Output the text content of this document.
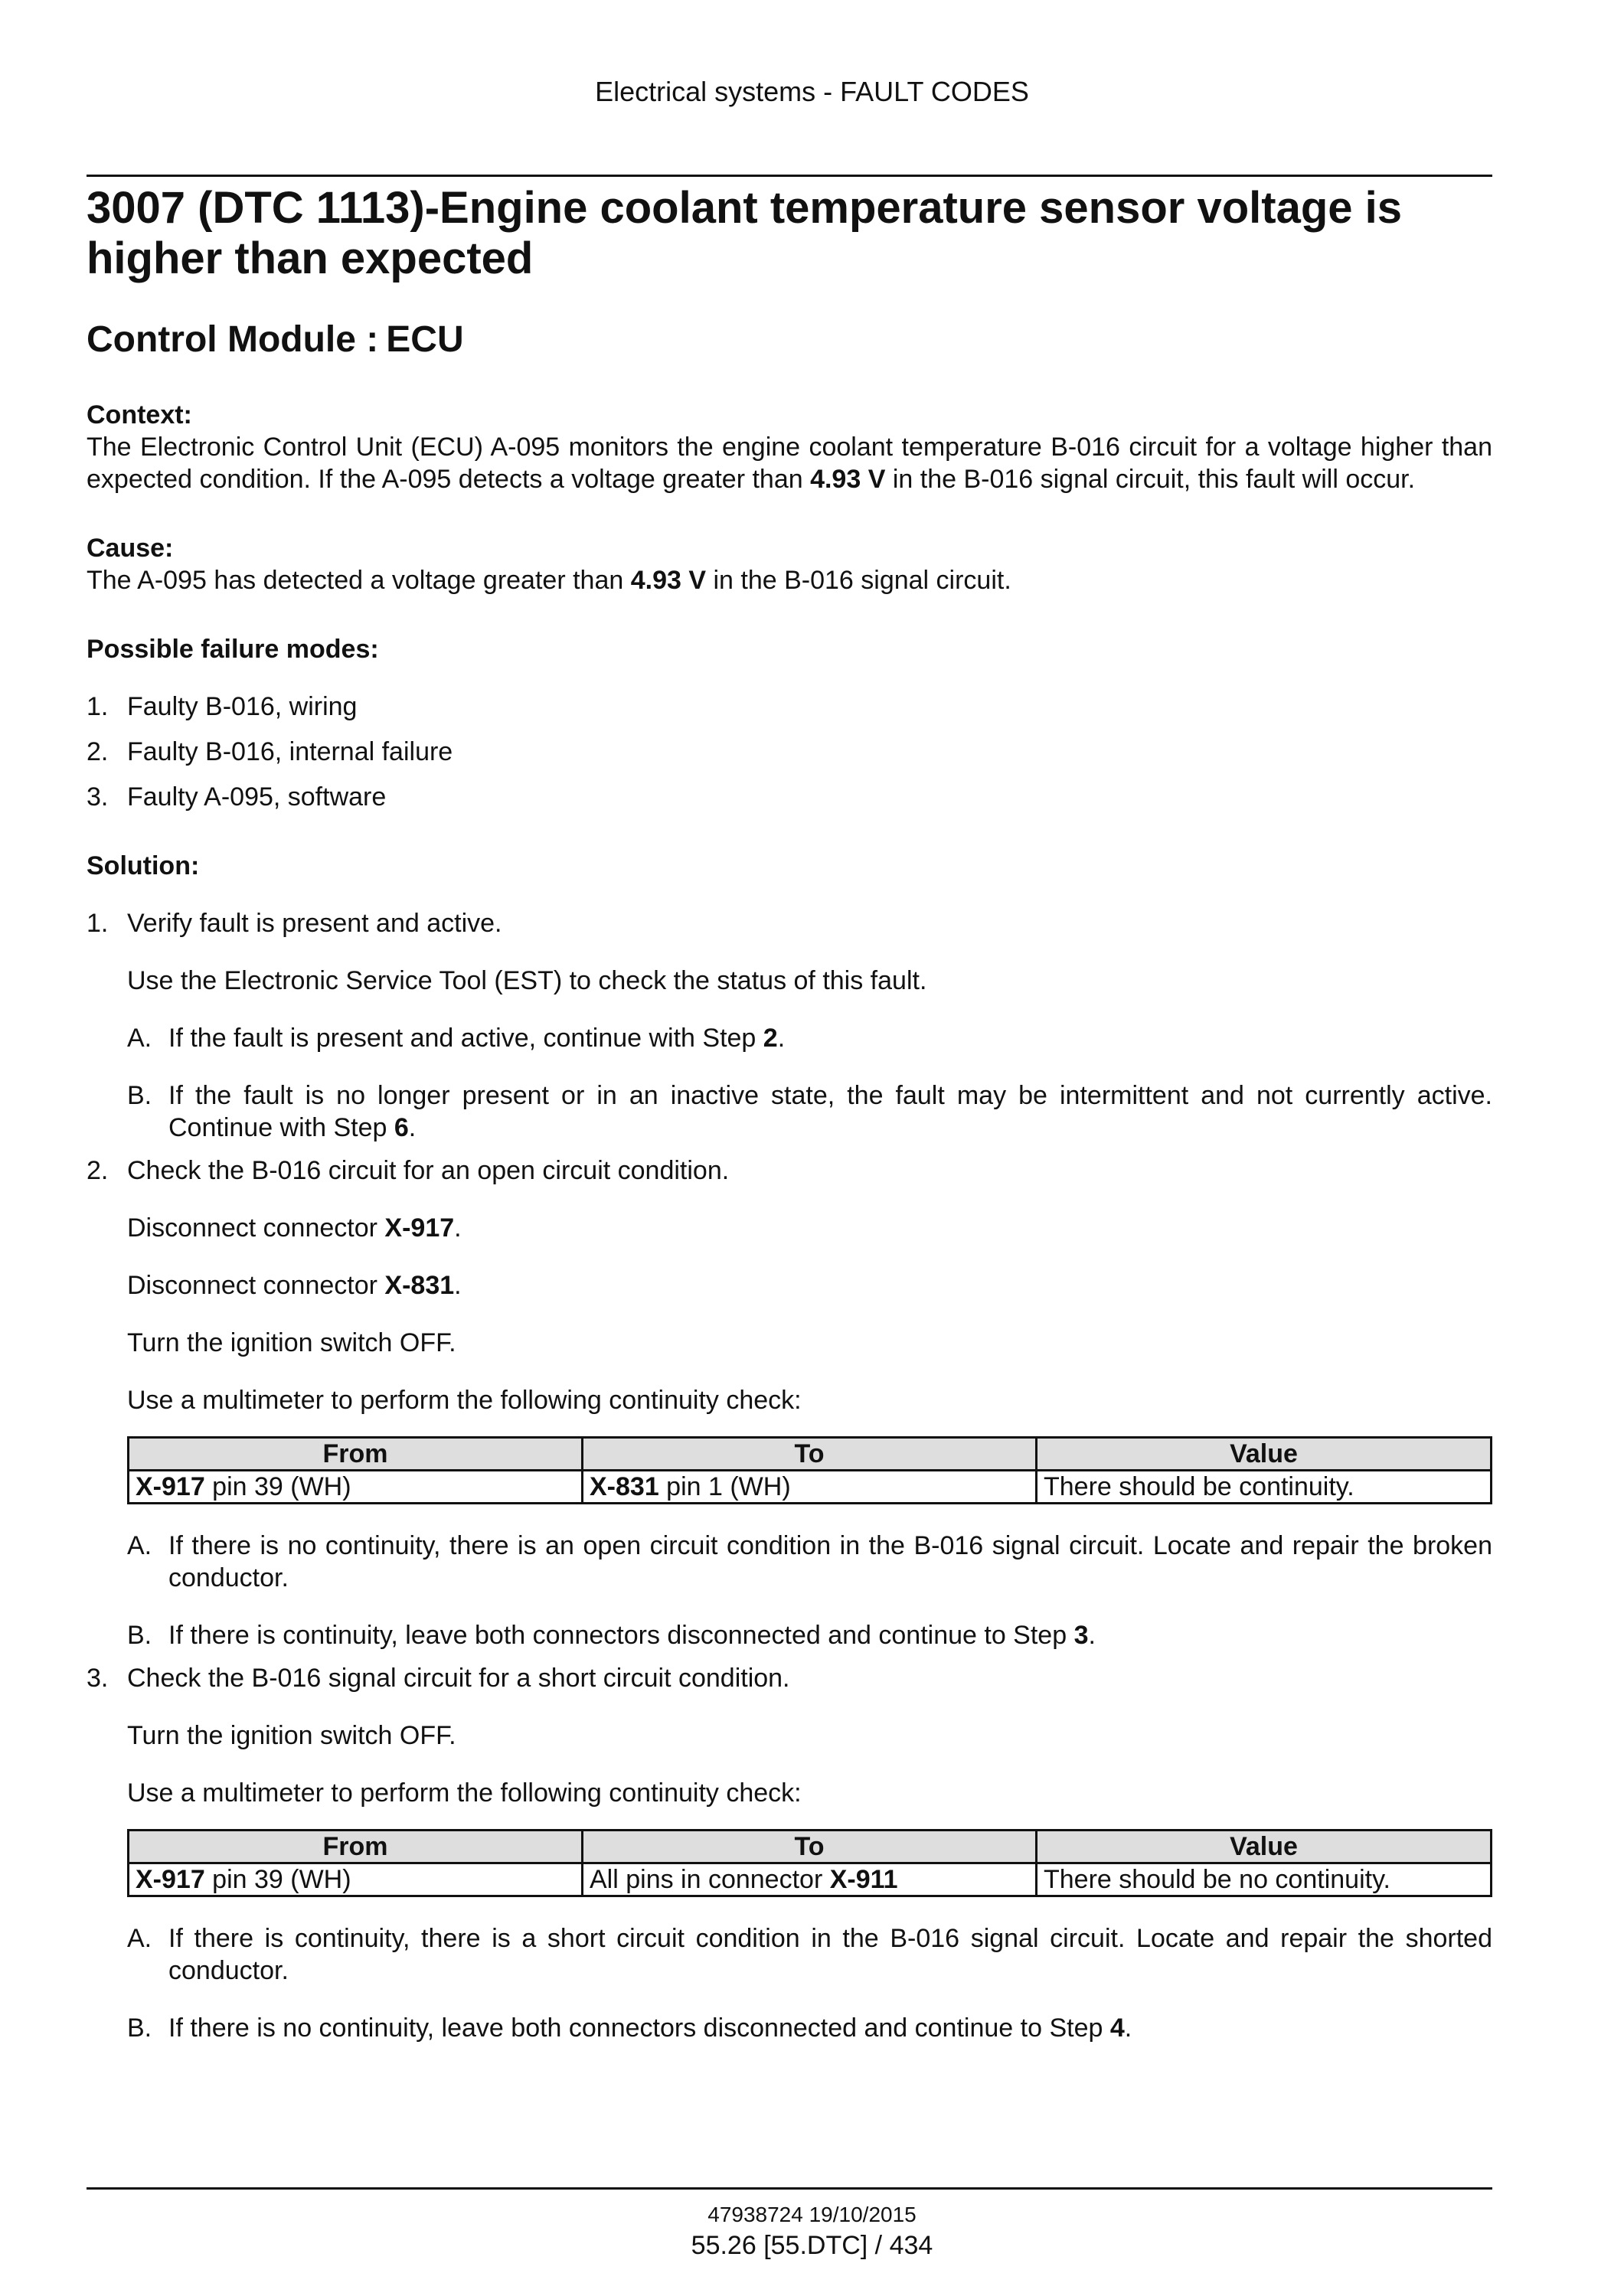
Electrical systems - FAULT CODES
3007 (DTC 1113)-Engine coolant temperature sensor voltage is higher than expected
Control Module : ECU
Context:
The Electronic Control Unit (ECU) A-095 monitors the engine coolant temperature B-016 circuit for a voltage higher than expected condition. If the A-095 detects a voltage greater than 4.93 V in the B-016 signal circuit, this fault will occur.
Cause:
The A-095 has detected a voltage greater than 4.93 V in the B-016 signal circuit.
Possible failure modes:
1. Faulty B-016, wiring
2. Faulty B-016, internal failure
3. Faulty A-095, software
Solution:
1. Verify fault is present and active.
Use the Electronic Service Tool (EST) to check the status of this fault.
A. If the fault is present and active, continue with Step 2.
B. If the fault is no longer present or in an inactive state, the fault may be intermittent and not currently active. Continue with Step 6.
2. Check the B-016 circuit for an open circuit condition.
Disconnect connector X-917.
Disconnect connector X-831.
Turn the ignition switch OFF.
Use a multimeter to perform the following continuity check:
From	To	Value
X-917 pin 39 (WH)	X-831 pin 1 (WH)	There should be continuity.
A. If there is no continuity, there is an open circuit condition in the B-016 signal circuit. Locate and repair the broken conductor.
B. If there is continuity, leave both connectors disconnected and continue to Step 3.
3. Check the B-016 signal circuit for a short circuit condition.
Turn the ignition switch OFF.
Use a multimeter to perform the following continuity check:
From	To	Value
X-917 pin 39 (WH)	All pins in connector X-911	There should be no continuity.
A. If there is continuity, there is a short circuit condition in the B-016 signal circuit. Locate and repair the shorted conductor.
B. If there is no continuity, leave both connectors disconnected and continue to Step 4.
47938724 19/10/2015
55.26 [55.DTC] / 434
